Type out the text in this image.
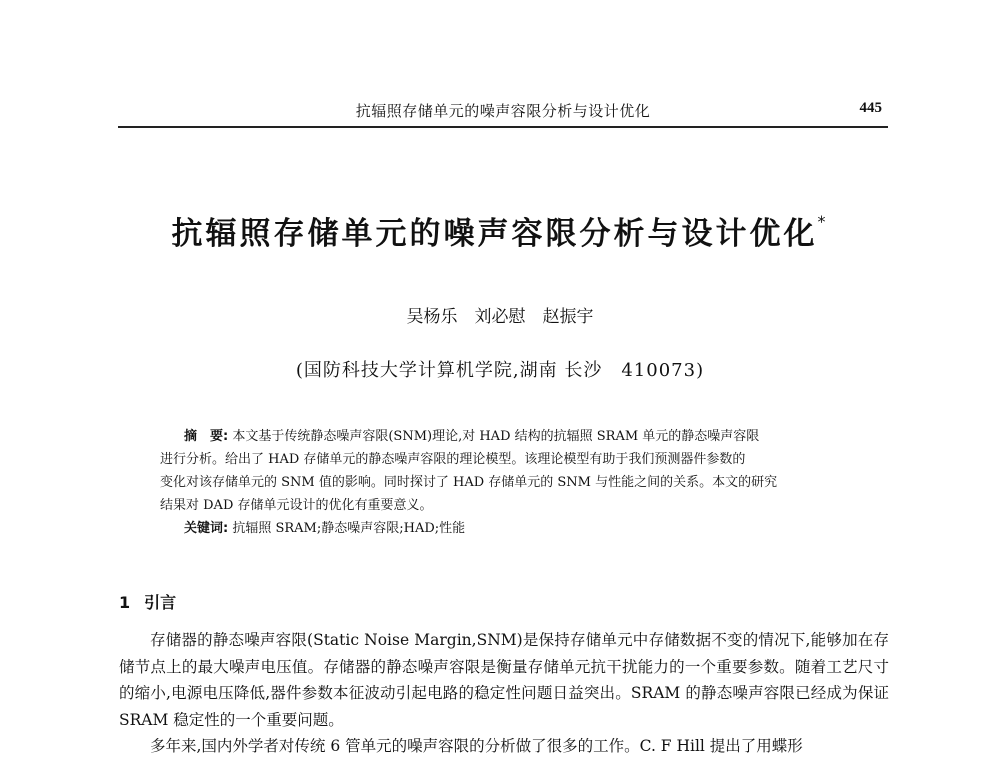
抗辐照存储单元的噪声容限分析与设计优化	445
抗辐照存储单元的噪声容限分析与设计优化*
吴杨乐　刘必慰　赵振宇
(国防科技大学计算机学院,湖南 长沙　410073)
摘　要: 本文基于传统静态噪声容限(SNM)理论,对 HAD 结构的抗辐照 SRAM 单元的静态噪声容限
进行分析。给出了 HAD 存储单元的静态噪声容限的理论模型。该理论模型有助于我们预测器件参数的
变化对该存储单元的 SNM 值的影响。同时探讨了 HAD 存储单元的 SNM 与性能之间的关系。本文的研究
结果对 DAD 存储单元设计的优化有重要意义。
关键词: 抗辐照 SRAM;静态噪声容限;HAD;性能
1 引言

存储器的静态噪声容限(Static Noise Margin,SNM)是保持存储单元中存储数据不变的情况下,能够加在存储节点上的最大噪声电压值。存储器的静态噪声容限是衡量存储单元抗干扰能力的一个重要参数。随着工艺尺寸的缩小,电源电压降低,器件参数本征波动引起电路的稳定性问题日益突出。SRAM 的静态噪声容限已经成为保证 SRAM 稳定性的一个重要问题。

多年来,国内外学者对传统 6 管单元的噪声容限的分析做了很多的工作。C. F Hill 提出了用蝶形
